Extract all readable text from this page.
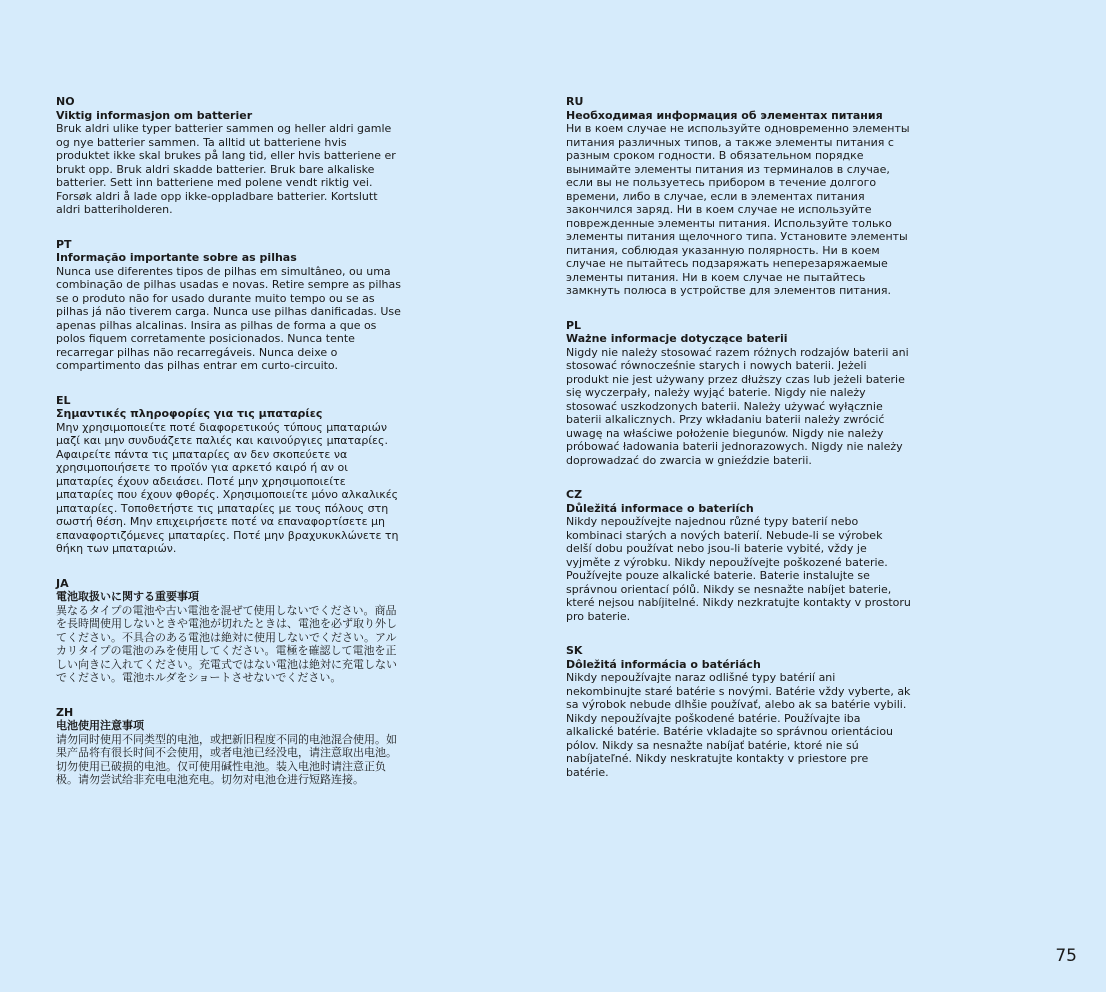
NO
Viktig informasjon om batterier

Bruk aldri ulike typer batterier sammen og heller aldri gamle og nye batterier sammen. Ta alltid ut batteriene hvis produktet ikke skal brukes på lang tid, eller hvis batteriene er brukt opp. Bruk aldri skadde batterier. Bruk bare alkaliske batterier. Sett inn batteriene med polene vendt riktig vei. Forsøk aldri å lade opp ikke-oppladbare batterier. Kortslutt aldri batteriholderen.

PT
Informação importante sobre as pilhas

Nunca use diferentes tipos de pilhas em simultâneo, ou uma combinação de pilhas usadas e novas. Retire sempre as pilhas se o produto não for usado durante muito tempo ou se as pilhas já não tiverem carga. Nunca use pilhas danificadas. Use apenas pilhas alcalinas. Insira as pilhas de forma a que os polos fiquem corretamente posicionados. Nunca tente recarregar pilhas não recarregáveis. Nunca deixe o compartimento das pilhas entrar em curto-circuito.

EL
Σημαντικές πληροφορίες για τις μπαταρίες

Μην χρησιμοποιείτε ποτέ διαφορετικούς τύπους μπαταριών μαζί και μην συνδυάζετε παλιές και καινούργιες μπαταρίες. Αφαιρείτε πάντα τις μπαταρίες αν δεν σκοπεύετε να χρησιμοποιήσετε το προϊόν για αρκετό καιρό ή αν οι μπαταρίες έχουν αδειάσει. Ποτέ μην χρησιμοποιείτε μπαταρίες που έχουν φθορές. Χρησιμοποιείτε μόνο αλκαλικές μπαταρίες. Τοποθετήστε τις μπαταρίες με τους πόλους στη σωστή θέση. Μην επιχειρήσετε ποτέ να επαναφορτίσετε μη επαναφορτιζόμενες μπαταρίες. Ποτέ μην βραχυκυκλώνετε τη θήκη των μπαταριών.

JA
電池取扱いに関する重要事項

異なるタイプの電池や古い電池を混ぜて使用しないでください。商品を長時間使用しないときや電池が切れたときは、電池を必ず取り外してください。不具合のある電池は絶対に使用しないでください。アルカリタイプの電池のみを使用してください。電極を確認して電池を正しい向きに入れてください。充電式ではない電池は絶対に充電しないでください。電池ホルダをショートさせないでください。

ZH
电池使用注意事项

请勿同时使用不同类型的电池，或把新旧程度不同的电池混合使用。如果产品将有很长时间不会使用，或者电池已经没电，请注意取出电池。切勿使用已破损的电池。仅可使用碱性电池。装入电池时请注意正负极。请勿尝试给非充电电池充电。切勿对电池仓进行短路连接。

RU
Необходимая информация об элементах питания

Ни в коем случае не используйте одновременно элементы питания различных типов, а также элементы питания с разным сроком годности. В обязательном порядке вынимайте элементы питания из терминалов в случае, если вы не пользуетесь прибором в течение долгого времени, либо в случае, если в элементах питания закончился заряд. Ни в коем случае не используйте поврежденные элементы питания. Используйте только элементы питания щелочного типа. Установите элементы питания, соблюдая указанную полярность. Ни в коем случае не пытайтесь подзаряжать неперезаряжаемые элементы питания. Ни в коем случае не пытайтесь замкнуть полюса в устройстве для элементов питания.

PL
Ważne informacje dotyczące baterii

Nigdy nie należy stosować razem różnych rodzajów baterii ani stosować równocześnie starych i nowych baterii. Jeżeli produkt nie jest używany przez dłuższy czas lub jeżeli baterie się wyczerpały, należy wyjąć baterie. Nigdy nie należy stosować uszkodzonych baterii. Należy używać wyłącznie baterii alkalicznych. Przy wkładaniu baterii należy zwrócić uwagę na właściwe położenie biegunów. Nigdy nie należy próbować ładowania baterii jednorazowych. Nigdy nie należy doprowadzać do zwarcia w gnieździe baterii.

CZ
Důležitá informace o bateriích

Nikdy nepoužívejte najednou různé typy baterií nebo kombinaci starých a nových baterií. Nebude-li se výrobek delší dobu používat nebo jsou-li baterie vybité, vždy je vyjměte z výrobku. Nikdy nepoužívejte poškozené baterie. Používejte pouze alkalické baterie. Baterie instalujte se správnou orientací pólů. Nikdy se nesnažte nabíjet baterie, které nejsou nabíjitelné. Nikdy nezkratujte kontakty v prostoru pro baterie.

SK
Dôležitá informácia o batériách

Nikdy nepoužívajte naraz odlišné typy batérií ani nekombinujte staré batérie s novými. Batérie vždy vyberte, ak sa výrobok nebude dlhšie používať, alebo ak sa batérie vybili. Nikdy nepoužívajte poškodené batérie. Používajte iba alkalické batérie. Batérie vkladajte so správnou orientáciou pólov. Nikdy sa nesnažte nabíjať batérie, ktoré nie sú nabíjateľné. Nikdy neskratujte kontakty v priestore pre batérie.

75
